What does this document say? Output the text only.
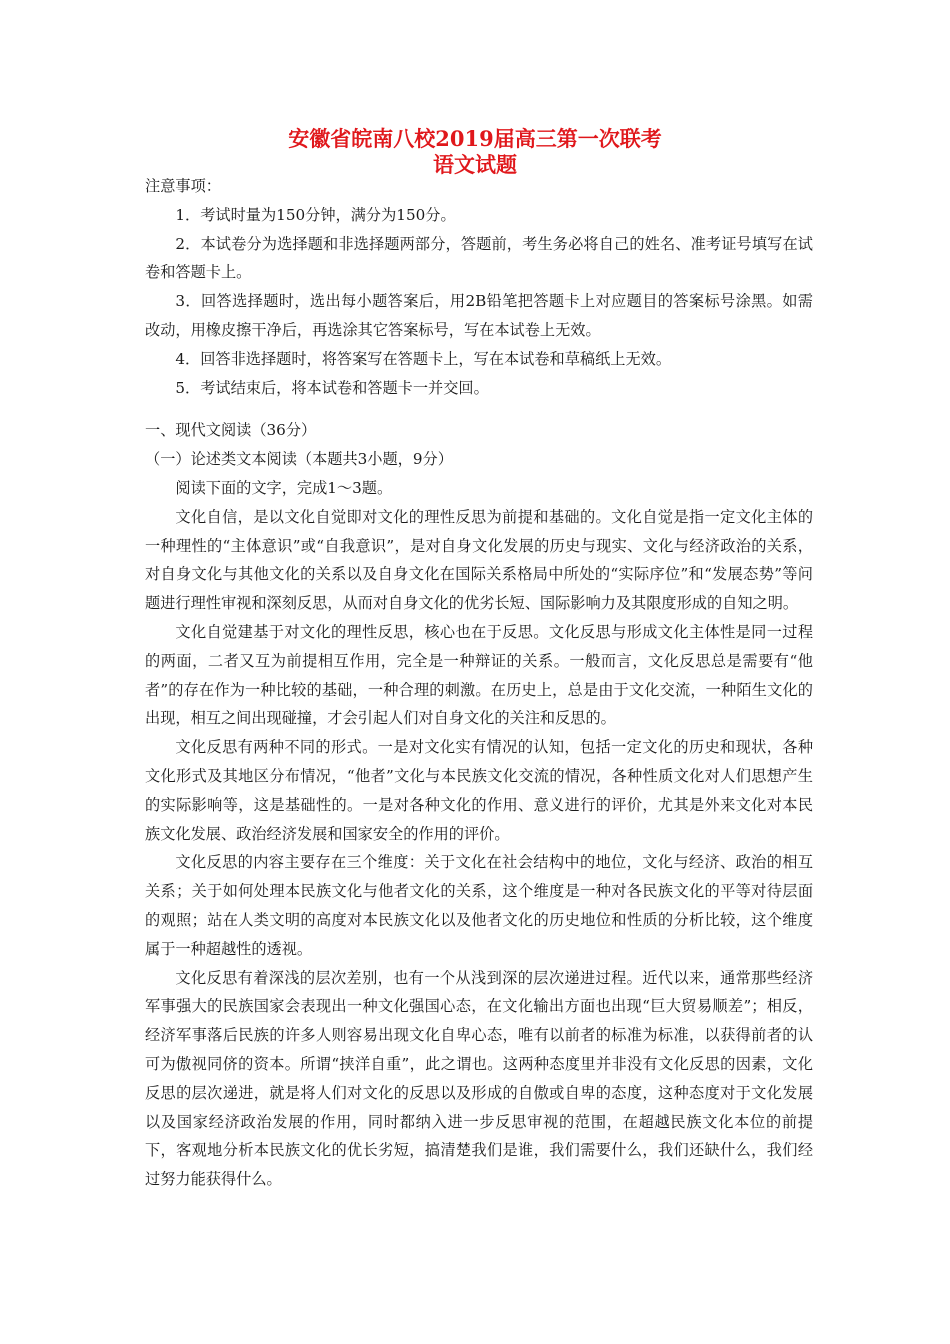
安徽省皖南八校2019届高三第一次联考
语文试题

注意事项：

1．考试时量为150分钟，满分为150分。

2．本试卷分为选择题和非选择题两部分，答题前，考生务必将自己的姓名、准考证号填写在试卷和答题卡上。

3．回答选择题时，选出每小题答案后，用2B铅笔把答题卡上对应题目的答案标号涂黑。如需改动，用橡皮擦干净后，再选涂其它答案标号，写在本试卷上无效。

4．回答非选择题时，将答案写在答题卡上，写在本试卷和草稿纸上无效。

5．考试结束后，将本试卷和答题卡一并交回。

一、现代文阅读（36分）

（一）论述类文本阅读（本题共3小题，9分）

阅读下面的文字，完成1～3题。

文化自信，是以文化自觉即对文化的理性反思为前提和基础的。文化自觉是指一定文化主体的一种理性的“主体意识”或“自我意识”，是对自身文化发展的历史与现实、文化与经济政治的关系，对自身文化与其他文化的关系以及自身文化在国际关系格局中所处的“实际序位”和“发展态势”等问题进行理性审视和深刻反思，从而对自身文化的优劣长短、国际影响力及其限度形成的自知之明。

文化自觉建基于对文化的理性反思，核心也在于反思。文化反思与形成文化主体性是同一过程的两面，二者又互为前提相互作用，完全是一种辩证的关系。一般而言，文化反思总是需要有“他者”的存在作为一种比较的基础，一种合理的刺激。在历史上，总是由于文化交流，一种陌生文化的出现，相互之间出现碰撞，才会引起人们对自身文化的关注和反思的。

文化反思有两种不同的形式。一是对文化实有情况的认知，包括一定文化的历史和现状，各种文化形式及其地区分布情况，“他者”文化与本民族文化交流的情况，各种性质文化对人们思想产生的实际影响等，这是基础性的。一是对各种文化的作用、意义进行的评价，尤其是外来文化对本民族文化发展、政治经济发展和国家安全的作用的评价。

文化反思的内容主要存在三个维度：关于文化在社会结构中的地位，文化与经济、政治的相互关系；关于如何处理本民族文化与他者文化的关系，这个维度是一种对各民族文化的平等对待层面的观照；站在人类文明的高度对本民族文化以及他者文化的历史地位和性质的分析比较，这个维度属于一种超越性的透视。

文化反思有着深浅的层次差别，也有一个从浅到深的层次递进过程。近代以来，通常那些经济军事强大的民族国家会表现出一种文化强国心态，在文化输出方面也出现“巨大贸易顺差”；相反，经济军事落后民族的许多人则容易出现文化自卑心态，唯有以前者的标准为标准，以获得前者的认可为傲视同侪的资本。所谓“挟洋自重”，此之谓也。这两种态度里并非没有文化反思的因素，文化反思的层次递进，就是将人们对文化的反思以及形成的自傲或自卑的态度，这种态度对于文化发展以及国家经济政治发展的作用，同时都纳入进一步反思审视的范围，在超越民族文化本位的前提下，客观地分析本民族文化的优长劣短，搞清楚我们是谁，我们需要什么，我们还缺什么，我们经过努力能获得什么。
